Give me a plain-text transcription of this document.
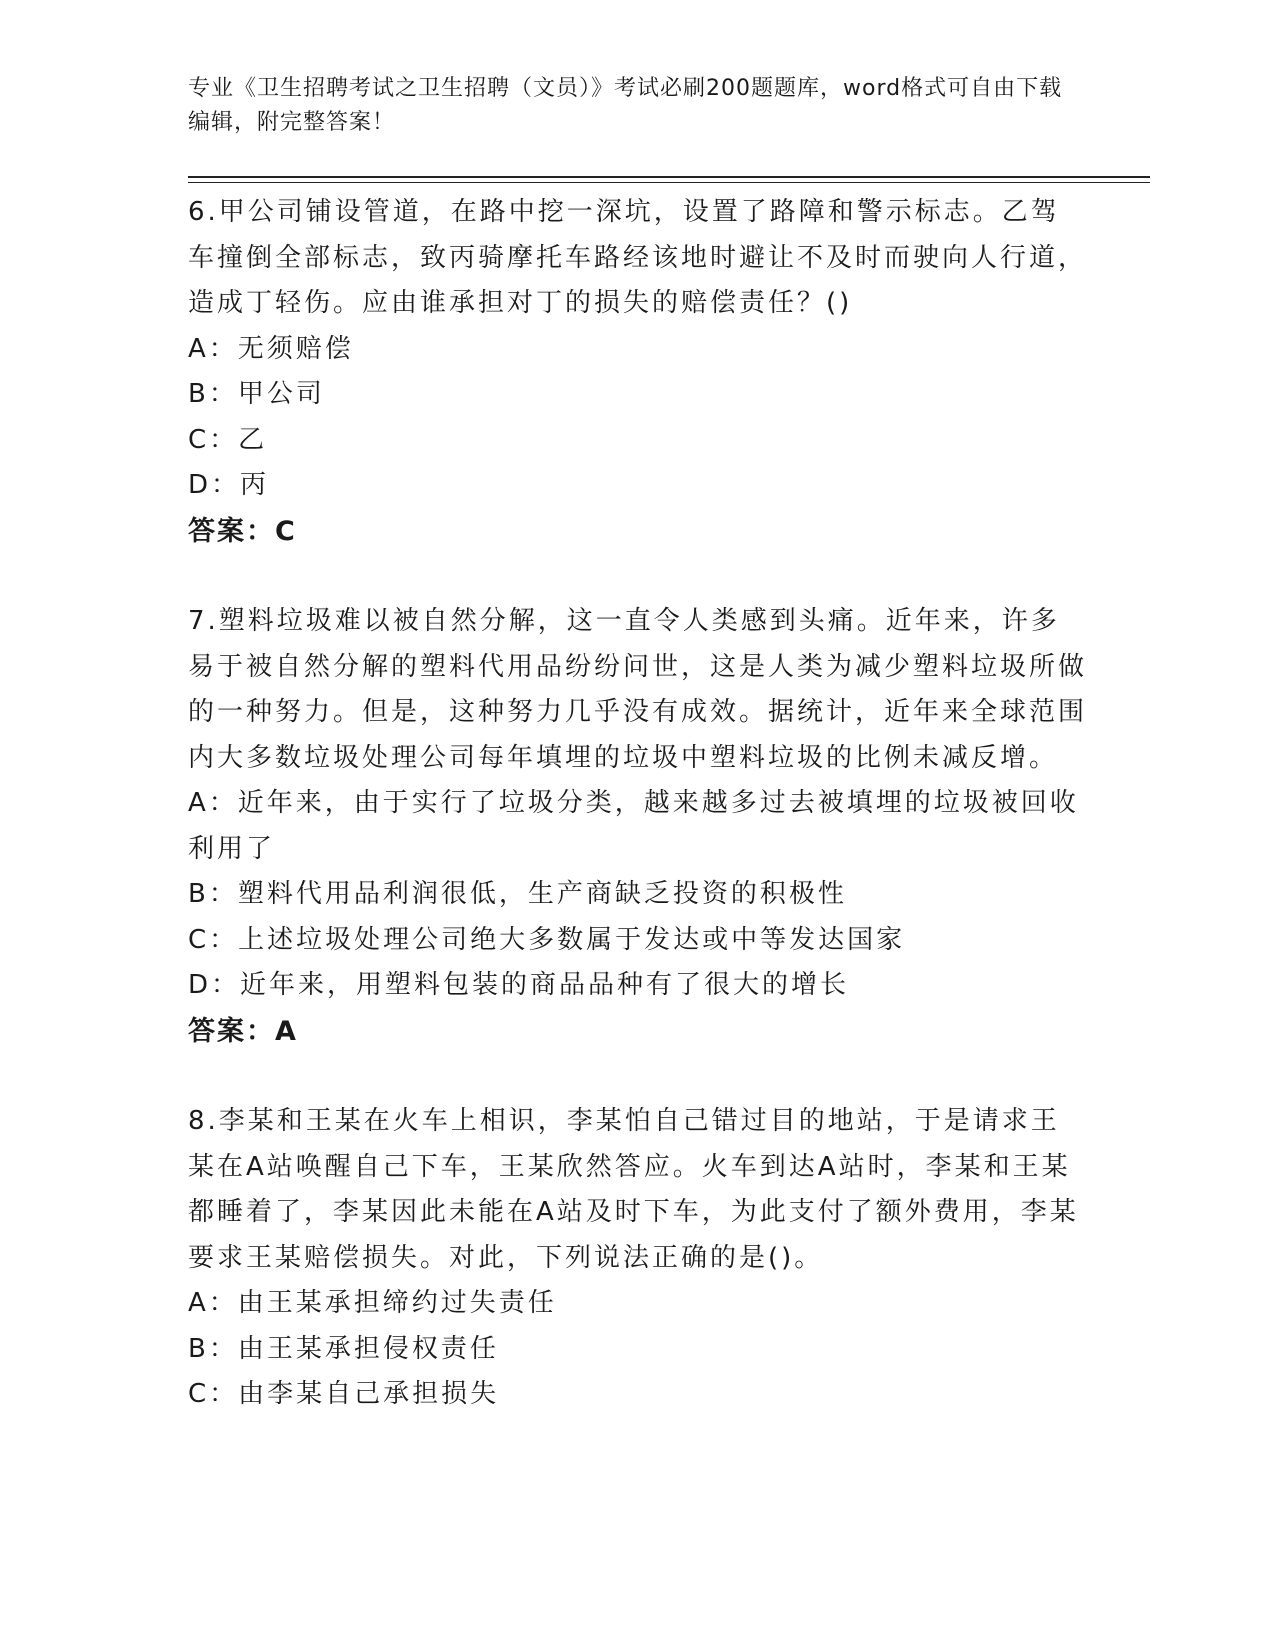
专业《卫生招聘考试之卫生招聘（文员）》考试必刷200题题库，word格式可自由下载编辑，附完整答案！

6.甲公司铺设管道，在路中挖一深坑，设置了路障和警示标志。乙驾车撞倒全部标志，致丙骑摩托车路经该地时避让不及时而驶向人行道，造成丁轻伤。应由谁承担对丁的损失的赔偿责任？()

A：无须赔偿

B：甲公司

C：乙

D：丙

答案：C

7.塑料垃圾难以被自然分解，这一直令人类感到头痛。近年来，许多易于被自然分解的塑料代用品纷纷问世，这是人类为减少塑料垃圾所做的一种努力。但是，这种努力几乎没有成效。据统计，近年来全球范围内大多数垃圾处理公司每年填埋的垃圾中塑料垃圾的比例未减反增。

A：近年来，由于实行了垃圾分类，越来越多过去被填埋的垃圾被回收利用了

B：塑料代用品利润很低，生产商缺乏投资的积极性

C：上述垃圾处理公司绝大多数属于发达或中等发达国家

D：近年来，用塑料包装的商品品种有了很大的增长

答案：A

8.李某和王某在火车上相识，李某怕自己错过目的地站，于是请求王某在A站唤醒自己下车，王某欣然答应。火车到达A站时，李某和王某都睡着了，李某因此未能在A站及时下车，为此支付了额外费用，李某要求王某赔偿损失。对此，下列说法正确的是()。

A：由王某承担缔约过失责任

B：由王某承担侵权责任

C：由李某自己承担损失
